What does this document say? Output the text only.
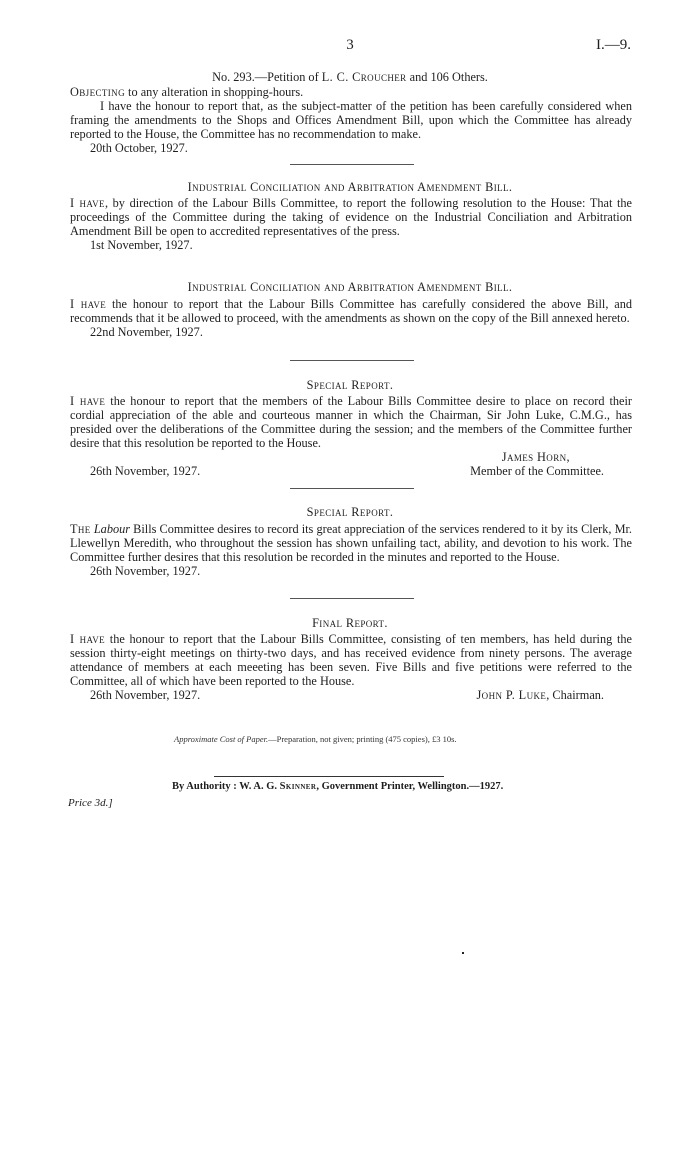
3	I.—9.
No. 293.—Petition of L. C. Croucher and 106 Others.

Objecting to any alteration in shopping-hours.

I have the honour to report that, as the subject-matter of the petition has been carefully considered when framing the amendments to the Shops and Offices Amendment Bill, upon which the Committee has already reported to the House, the Committee has no recommendation to make.

20th October, 1927.

Industrial Conciliation and Arbitration Amendment Bill.

I have, by direction of the Labour Bills Committee, to report the following resolution to the House: That the proceedings of the Committee during the taking of evidence on the Industrial Conciliation and Arbitration Amendment Bill be open to accredited representatives of the press.

1st November, 1927.

Industrial Conciliation and Arbitration Amendment Bill.

I have the honour to report that the Labour Bills Committee has carefully considered the above Bill, and recommends that it be allowed to proceed, with the amendments as shown on the copy of the Bill annexed hereto.

22nd November, 1927.

Special Report.

I have the honour to report that the members of the Labour Bills Committee desire to place on record their cordial appreciation of the able and courteous manner in which the Chairman, Sir John Luke, C.M.G., has presided over the deliberations of the Committee during the session; and the members of the Committee further desire that this resolution be reported to the House.

James Horn,
26th November, 1927.	Member of the Committee.
Special Report.

The Labour Bills Committee desires to record its great appreciation of the services rendered to it by its Clerk, Mr. Llewellyn Meredith, who throughout the session has shown unfailing tact, ability, and devotion to his work. The Committee further desires that this resolution be recorded in the minutes and reported to the House.

26th November, 1927.

Final Report.

I have the honour to report that the Labour Bills Committee, consisting of ten members, has held during the session thirty-eight meetings on thirty-two days, and has received evidence from ninety persons. The average attendance of members at each meeeting has been seven. Five Bills and five petitions were referred to the Committee, all of which have been reported to the House.

26th November, 1927.	John P. Luke, Chairman.
Approximate Cost of Paper.—Preparation, not given; printing (475 copies), £3 10s.
By Authority : W. A. G. Skinner, Government Printer, Wellington.—1927.
Price 3d.]
